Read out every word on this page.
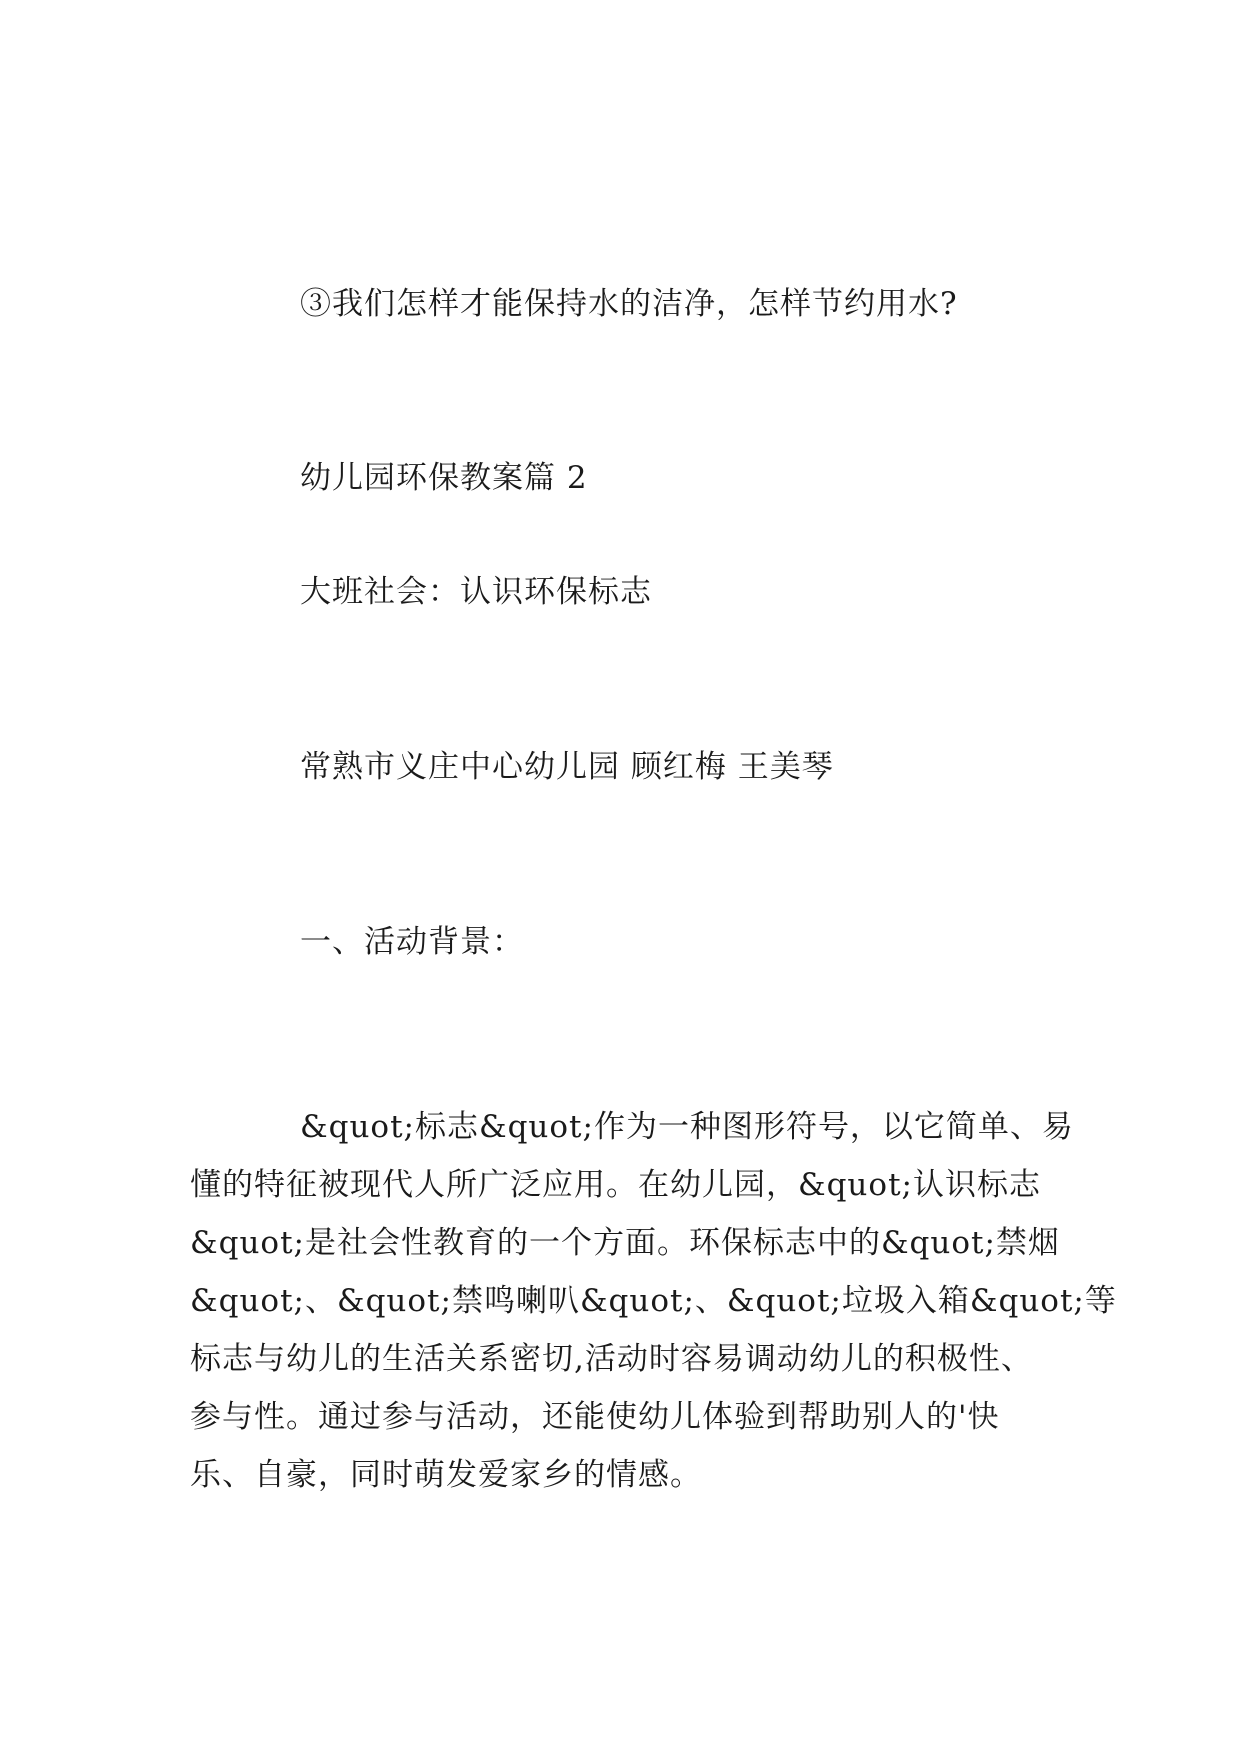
③我们怎样才能保持水的洁净，怎样节约用水?
幼儿园环保教案篇 2
大班社会：认识环保标志
常熟市义庄中心幼儿园 顾红梅 王美琴
一、活动背景：
&quot;标志&quot;作为一种图形符号，以它简单、易
懂的特征被现代人所广泛应用。在幼儿园，&quot;认识标志
&quot;是社会性教育的一个方面。环保标志中的&quot;禁烟
&quot;、&quot;禁鸣喇叭&quot;、&quot;垃圾入箱&quot;等
标志与幼儿的生活关系密切,活动时容易调动幼儿的积极性、
参与性。通过参与活动，还能使幼儿体验到帮助别人的'快
乐、自豪，同时萌发爱家乡的情感。
